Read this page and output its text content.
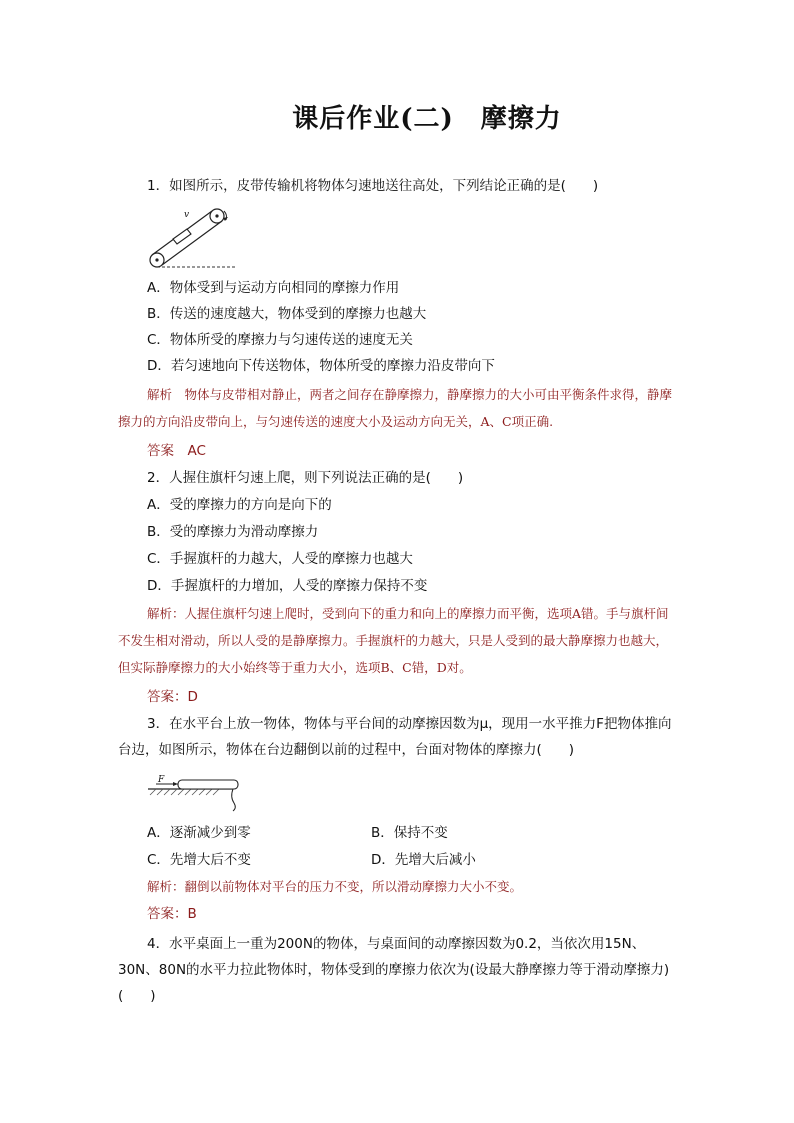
课后作业(二)　摩擦力
1．如图所示，皮带传输机将物体匀速地送往高处，下列结论正确的是(　　)
v
A．物体受到与运动方向相同的摩擦力作用
B．传送的速度越大，物体受到的摩擦力也越大
C．物体所受的摩擦力与匀速传送的速度无关
D．若匀速地向下传送物体，物体所受的摩擦力沿皮带向下
解析　物体与皮带相对静止，两者之间存在静摩擦力，静摩擦力的大小可由平衡条件求得，静摩擦力的方向沿皮带向上，与匀速传送的速度大小及运动方向无关，A、C项正确.
答案　AC
2．人握住旗杆匀速上爬，则下列说法正确的是(　　)
A．受的摩擦力的方向是向下的
B．受的摩擦力为滑动摩擦力
C．手握旗杆的力越大，人受的摩擦力也越大
D．手握旗杆的力增加，人受的摩擦力保持不变
解析：人握住旗杆匀速上爬时，受到向下的重力和向上的摩擦力而平衡，选项A错。手与旗杆间不发生相对滑动，所以人受的是静摩擦力。手握旗杆的力越大，只是人受到的最大静摩擦力也越大，但实际静摩擦力的大小始终等于重力大小，选项B、C错，D对。
答案：D
3．在水平台上放一物体，物体与平台间的动摩擦因数为μ，现用一水平推力F把物体推向台边，如图所示，物体在台边翻倒以前的过程中，台面对物体的摩擦力(　　)
F
A．逐渐减少到零	B．保持不变
C．先增大后不变	D．先增大后减小
解析：翻倒以前物体对平台的压力不变，所以滑动摩擦力大小不变。
答案：B
4．水平桌面上一重为200N的物体，与桌面间的动摩擦因数为0.2，当依次用15N、30N、80N的水平力拉此物体时，物体受到的摩擦力依次为(设最大静摩擦力等于滑动摩擦力)(　　)
